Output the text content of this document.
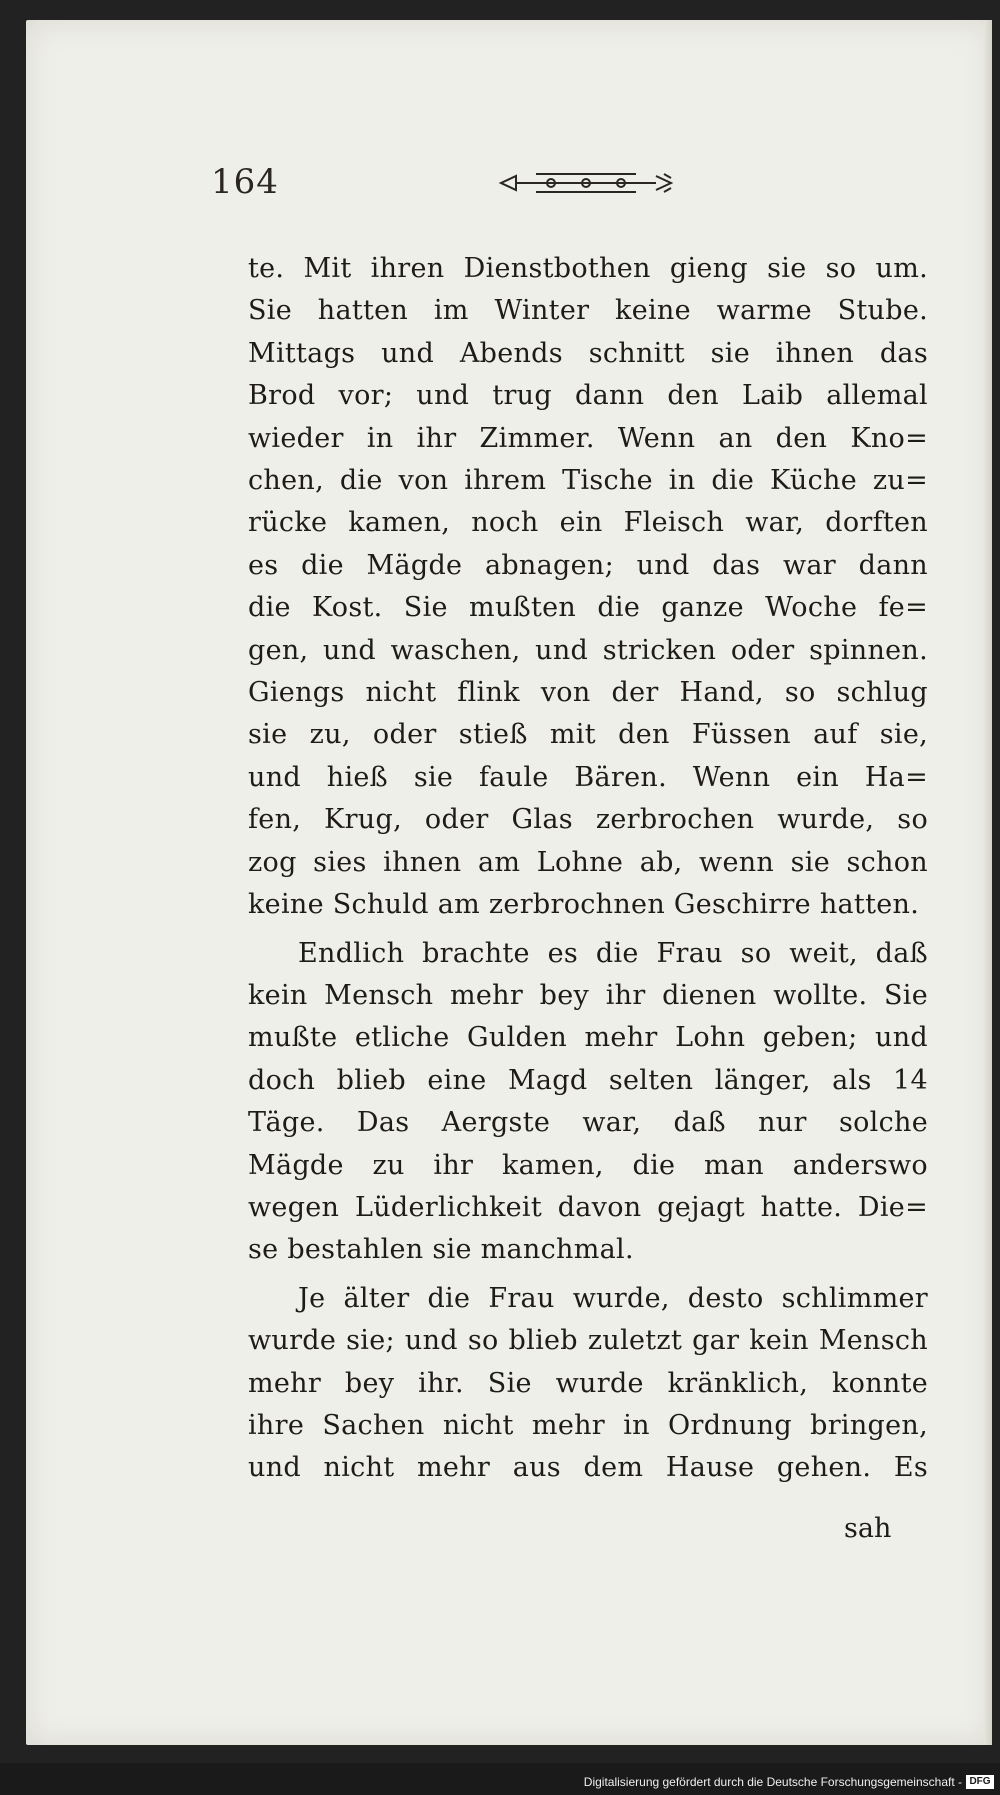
164
te. Mit ihren Dienstbothen gieng sie so um.
Sie hatten im Winter keine warme Stube.
Mittags und Abends schnitt sie ihnen das
Brod vor; und trug dann den Laib allemal
wieder in ihr Zimmer. Wenn an den Kno=
chen, die von ihrem Tische in die Küche zu=
rücke kamen, noch ein Fleisch war, dorften
es die Mägde abnagen; und das war dann
die Kost. Sie mußten die ganze Woche fe=
gen, und waschen, und stricken oder spinnen.
Giengs nicht flink von der Hand, so schlug
sie zu, oder stieß mit den Füssen auf sie,
und hieß sie faule Bären. Wenn ein Ha=
fen, Krug, oder Glas zerbrochen wurde, so
zog sies ihnen am Lohne ab, wenn sie schon
keine Schuld am zerbrochnen Geschirre hatten.
Endlich brachte es die Frau so weit, daß
kein Mensch mehr bey ihr dienen wollte. Sie
mußte etliche Gulden mehr Lohn geben; und
doch blieb eine Magd selten länger, als 14
Täge. Das Aergste war, daß nur solche
Mägde zu ihr kamen, die man anderswo
wegen Lüderlichkeit davon gejagt hatte. Die=
se bestahlen sie manchmal.
Je älter die Frau wurde, desto schlimmer
wurde sie; und so blieb zuletzt gar kein Mensch
mehr bey ihr. Sie wurde kränklich, konnte
ihre Sachen nicht mehr in Ordnung bringen,
und nicht mehr aus dem Hause gehen. Es
sah
Digitalisierung gefördert durch die Deutsche Forschungsgemeinschaft - DFG
